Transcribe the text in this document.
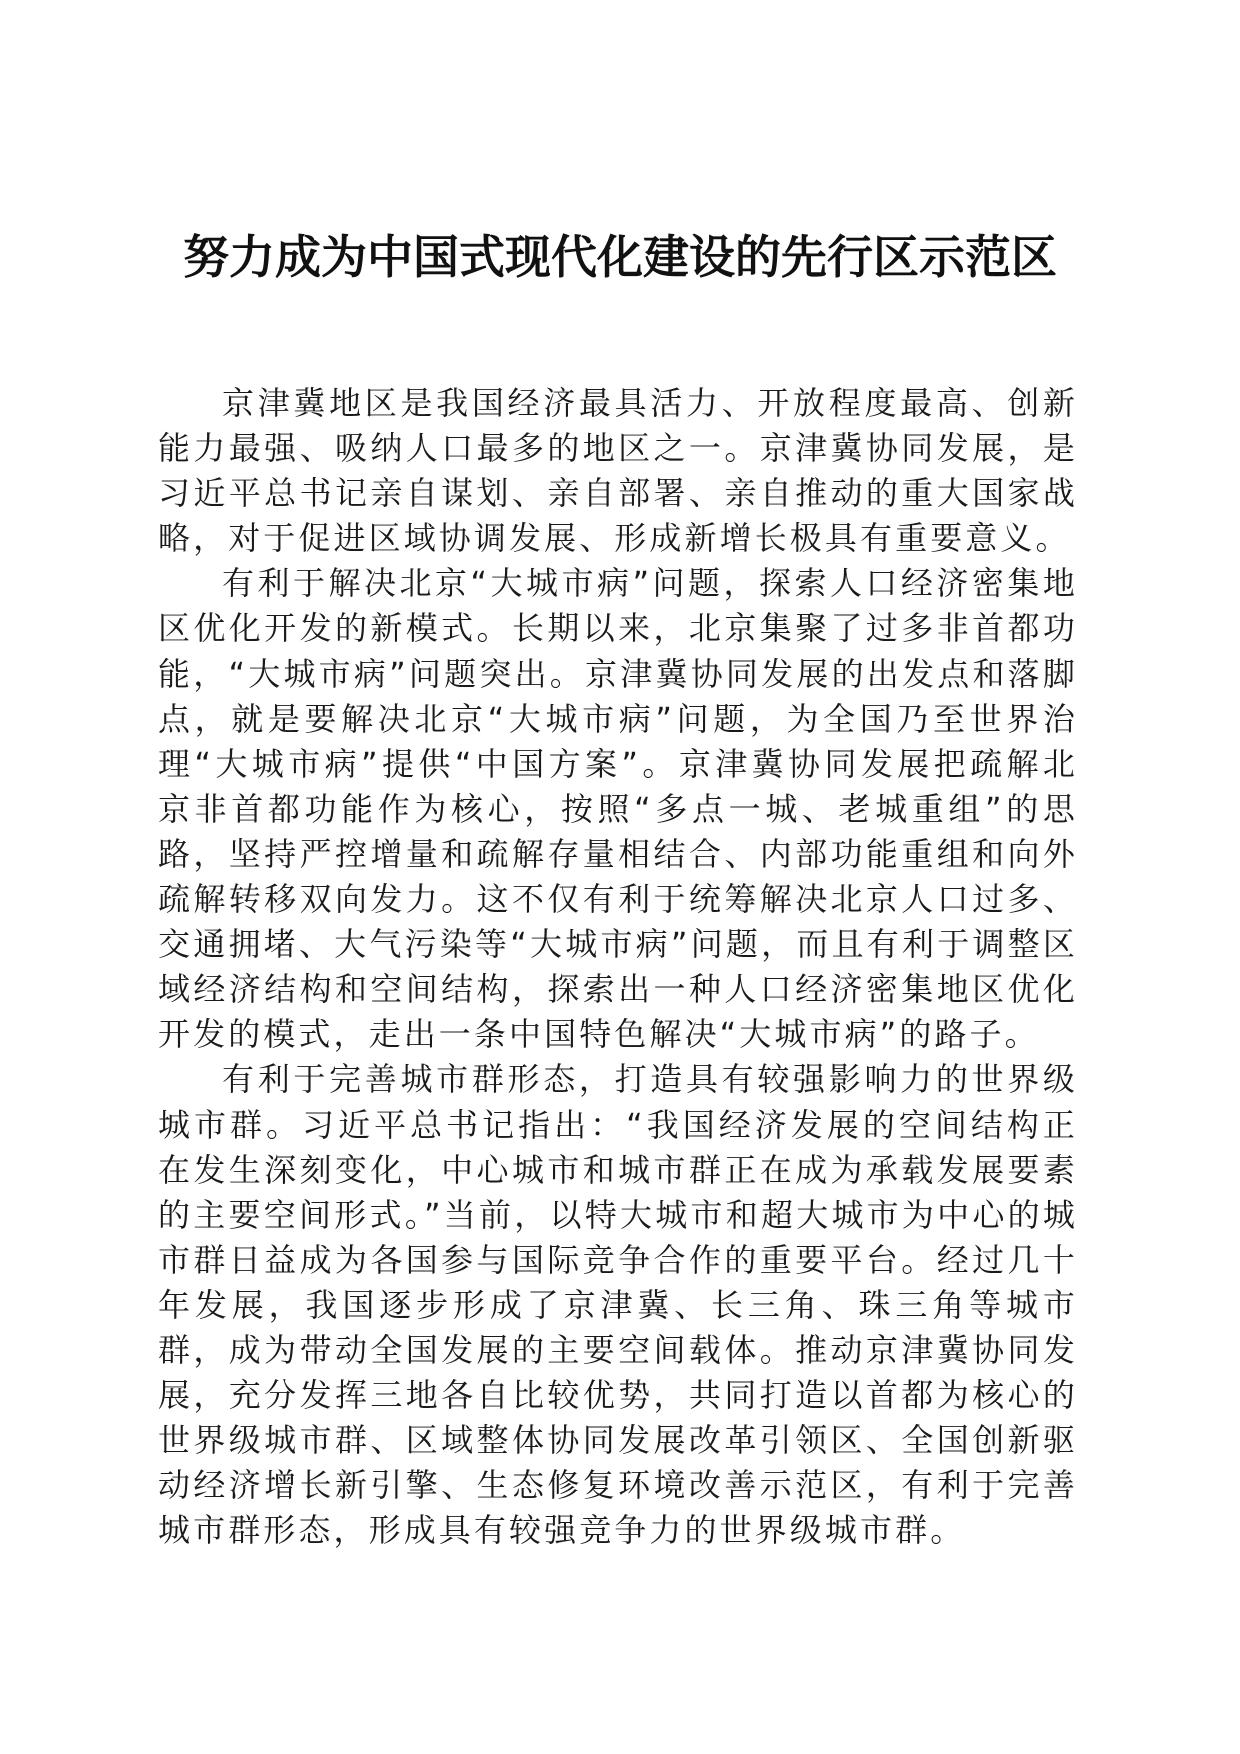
努力成为中国式现代化建设的先行区示范区

京津冀地区是我国经济最具活力、开放程度最高、创新能力最强、吸纳人口最多的地区之一。京津冀协同发展，是习近平总书记亲自谋划、亲自部署、亲自推动的重大国家战略，对于促进区域协调发展、形成新增长极具有重要意义。

有利于解决北京“大城市病”问题，探索人口经济密集地区优化开发的新模式。长期以来，北京集聚了过多非首都功能，“大城市病”问题突出。京津冀协同发展的出发点和落脚点，就是要解决北京“大城市病”问题，为全国乃至世界治理“大城市病”提供“中国方案”。京津冀协同发展把疏解北京非首都功能作为核心，按照“多点一城、老城重组”的思路，坚持严控增量和疏解存量相结合、内部功能重组和向外疏解转移双向发力。这不仅有利于统筹解决北京人口过多、交通拥堵、大气污染等“大城市病”问题，而且有利于调整区域经济结构和空间结构，探索出一种人口经济密集地区优化开发的模式，走出一条中国特色解决“大城市病”的路子。

有利于完善城市群形态，打造具有较强影响力的世界级城市群。习近平总书记指出：“我国经济发展的空间结构正在发生深刻变化，中心城市和城市群正在成为承载发展要素的主要空间形式。”当前，以特大城市和超大城市为中心的城市群日益成为各国参与国际竞争合作的重要平台。经过几十年发展，我国逐步形成了京津冀、长三角、珠三角等城市群，成为带动全国发展的主要空间载体。推动京津冀协同发展，充分发挥三地各自比较优势，共同打造以首都为核心的世界级城市群、区域整体协同发展改革引领区、全国创新驱动经济增长新引擎、生态修复环境改善示范区，有利于完善城市群形态，形成具有较强竞争力的世界级城市群。
